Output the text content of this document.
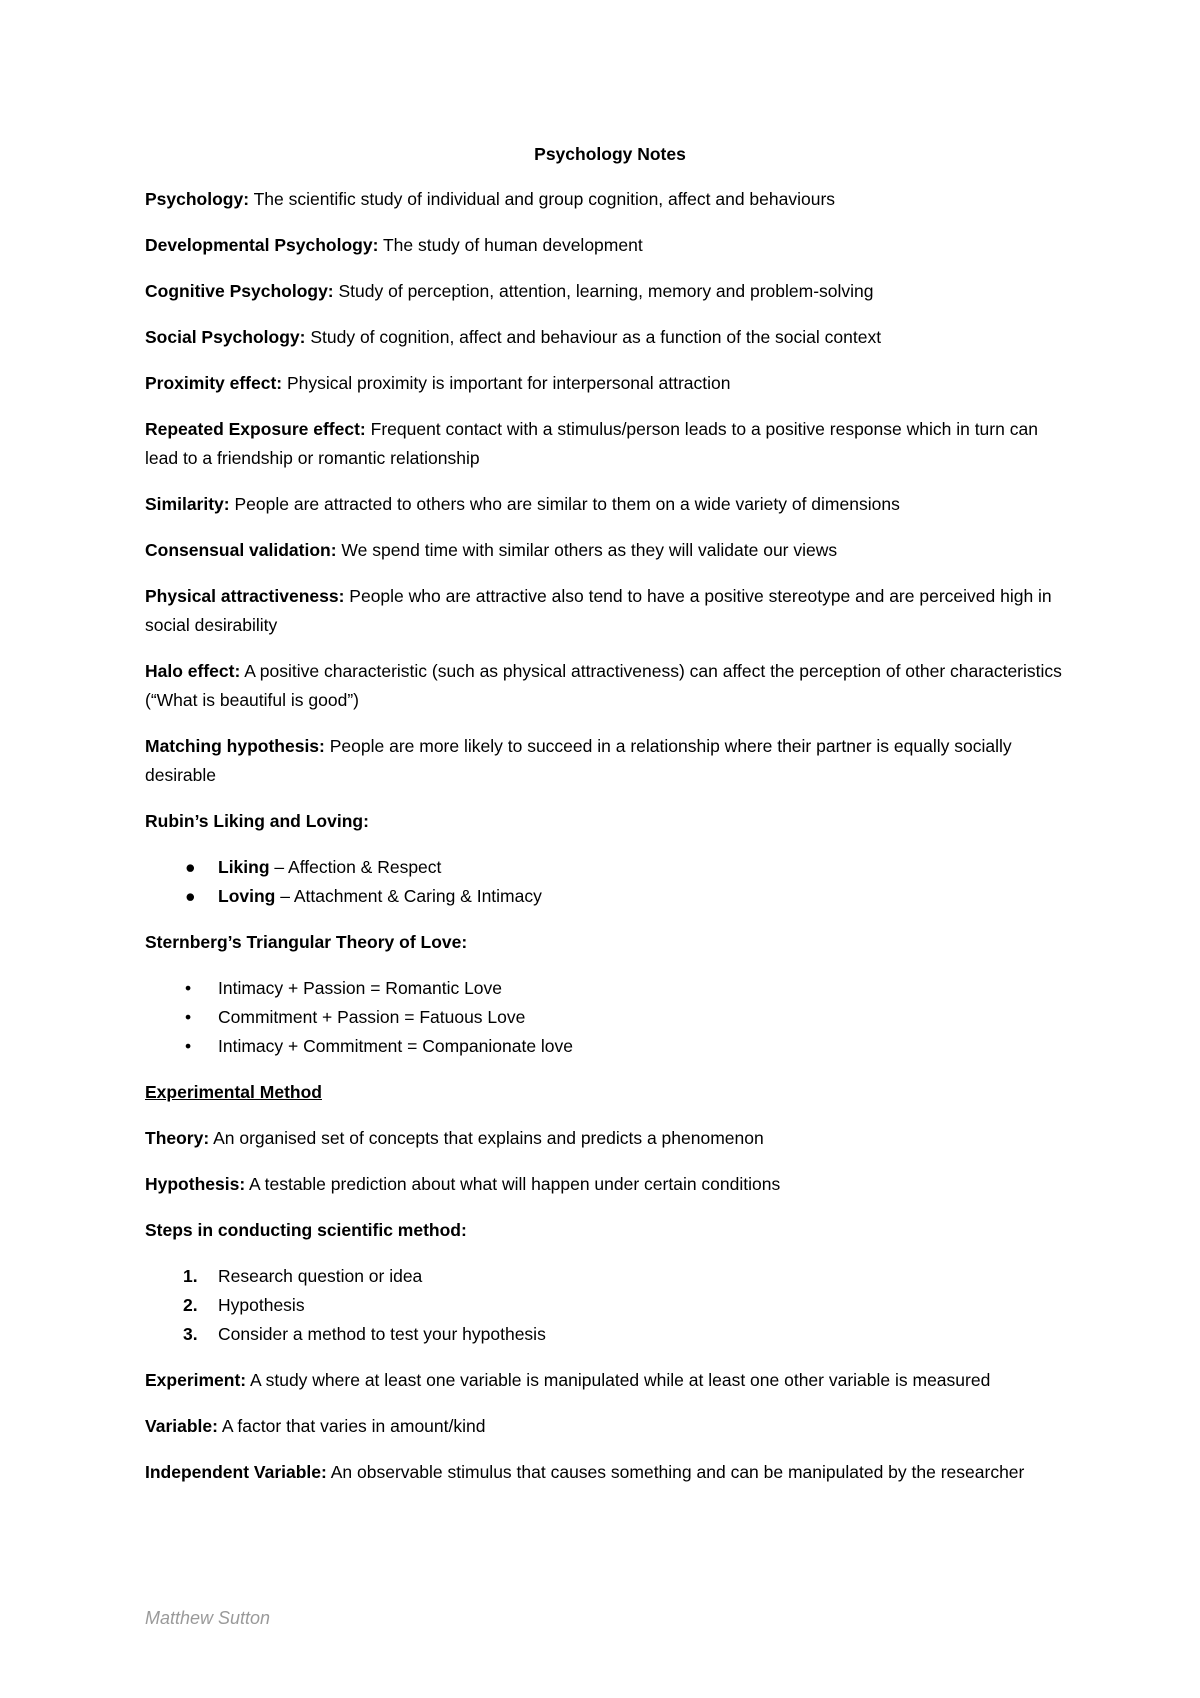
Psychology Notes

Psychology: The scientific study of individual and group cognition, affect and behaviours

Developmental Psychology: The study of human development

Cognitive Psychology: Study of perception, attention, learning, memory and problem-solving

Social Psychology: Study of cognition, affect and behaviour as a function of the social context

Proximity effect: Physical proximity is important for interpersonal attraction

Repeated Exposure effect: Frequent contact with a stimulus/person leads to a positive response which in turn can lead to a friendship or romantic relationship

Similarity: People are attracted to others who are similar to them on a wide variety of dimensions

Consensual validation: We spend time with similar others as they will validate our views

Physical attractiveness: People who are attractive also tend to have a positive stereotype and are perceived high in social desirability

Halo effect: A positive characteristic (such as physical attractiveness) can affect the perception of other characteristics (“What is beautiful is good”)

Matching hypothesis: People are more likely to succeed in a relationship where their partner is equally socially desirable

Rubin’s Liking and Loving:

●	Liking – Affection & Respect
●	Loving – Attachment & Caring & Intimacy

Sternberg’s Triangular Theory of Love:

•	Intimacy + Passion = Romantic Love
•	Commitment + Passion = Fatuous Love
•	Intimacy + Commitment = Companionate love

Experimental Method

Theory: An organised set of concepts that explains and predicts a phenomenon

Hypothesis: A testable prediction about what will happen under certain conditions

Steps in conducting scientific method:

1. Research question or idea
2. Hypothesis
3. Consider a method to test your hypothesis

Experiment: A study where at least one variable is manipulated while at least one other variable is measured

Variable: A factor that varies in amount/kind

Independent Variable: An observable stimulus that causes something and can be manipulated by the researcher

Matthew Sutton
